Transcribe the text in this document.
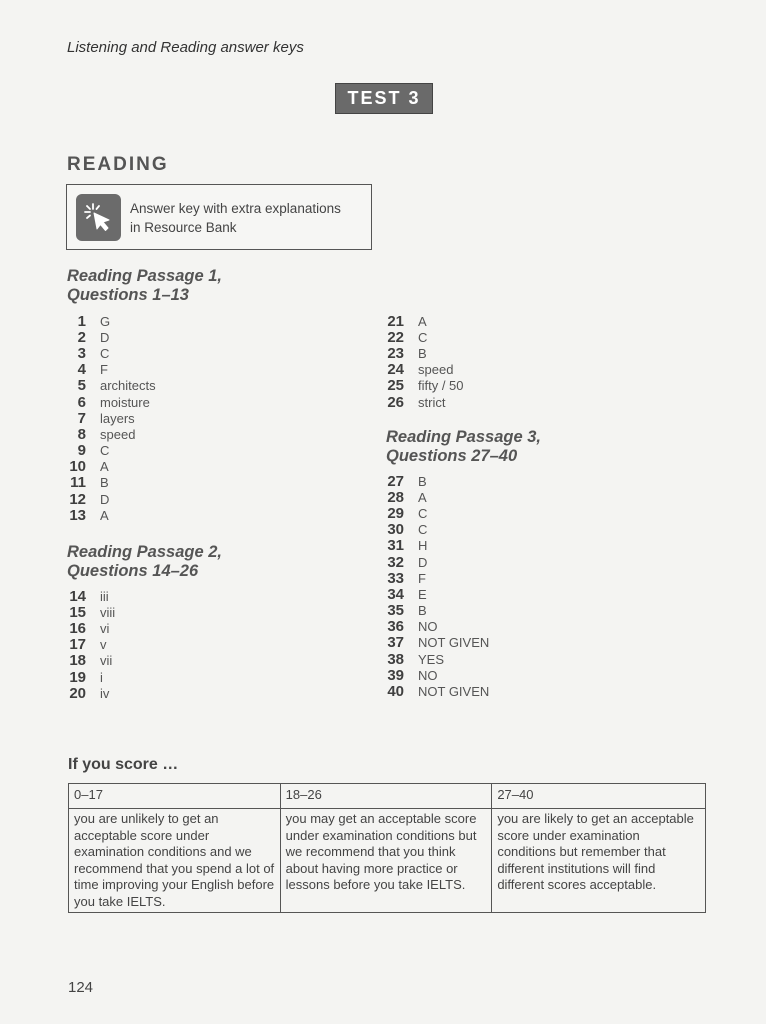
Listening and Reading answer keys
TEST 3
READING
Answer key with extra explanations
in Resource Bank
Reading Passage 1,
Questions 1–13
1	G
2	D
3	C
4	F
5	architects
6	moisture
7	layers
8	speed
9	C
10	A
11	B
12	D
13	A
Reading Passage 2,
Questions 14–26
14	iii
15	viii
16	vi
17	v
18	vii
19	i
20	iv
21	A
22	C
23	B
24	speed
25	fifty / 50
26	strict
Reading Passage 3,
Questions 27–40
27	B
28	A
29	C
30	C
31	H
32	D
33	F
34	E
35	B
36	NO
37	NOT GIVEN
38	YES
39	NO
40	NOT GIVEN
If you score …
0–17	18–26	27–40
you are unlikely to get an acceptable score under examination conditions and we recommend that you spend a lot of time improving your English before you take IELTS.	you may get an acceptable score under examination conditions but we recommend that you think about having more practice or lessons before you take IELTS.	you are likely to get an acceptable score under examination conditions but remember that different institutions will find different scores acceptable.
124
